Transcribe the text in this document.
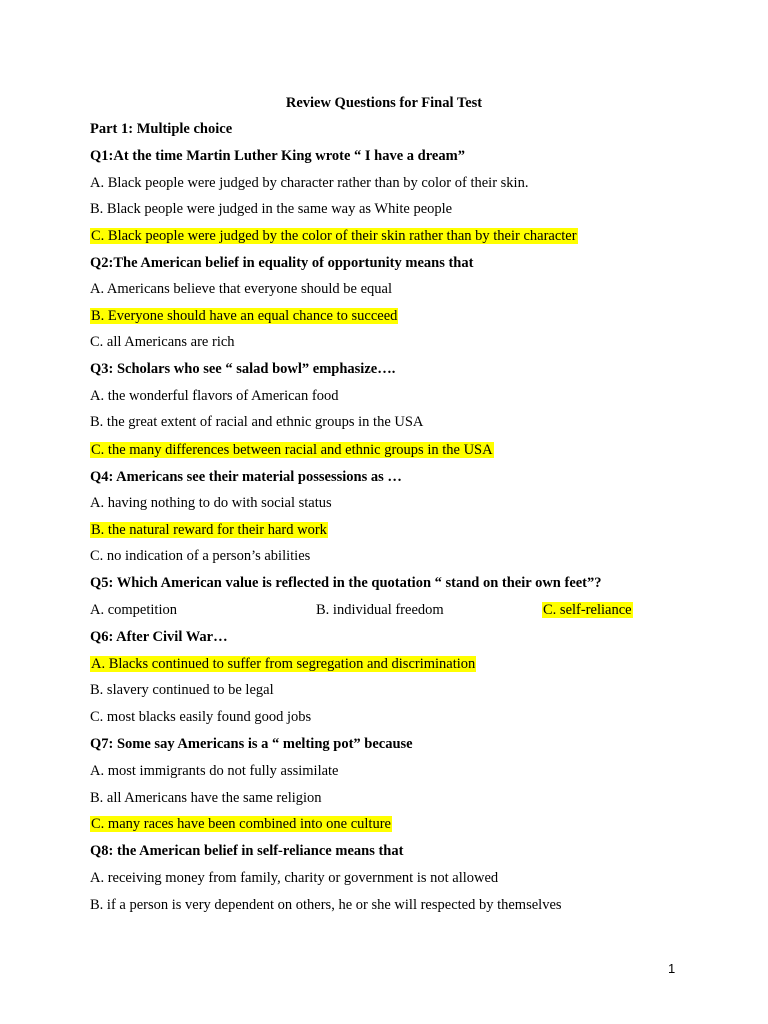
Review Questions for Final Test
Part 1: Multiple choice
Q1:At the time Martin Luther King wrote “ I have a dream”
A. Black people were judged by character rather than by color of their skin.
B. Black people were judged in the same way as White people
C. Black people were judged by the color of their skin rather than by their character
Q2:The American belief in equality of opportunity means that
A. Americans believe that everyone should be equal
B. Everyone should have an equal chance to succeed
C. all Americans are rich
Q3: Scholars who see “ salad bowl” emphasize….
A. the wonderful flavors of American food
B. the great extent of racial and ethnic groups in the USA
C. the many differences between racial and ethnic groups in the USA
Q4: Americans see their material possessions as …
A. having nothing to do with social status
B. the natural reward for their hard work
C. no indication of a person’s abilities
Q5: Which American value is reflected in the quotation “ stand on their own feet”?
A. competition	B. individual freedom	C. self-reliance
Q6: After Civil War…
A. Blacks continued to suffer from segregation and discrimination
B. slavery continued to be legal
C. most blacks easily found good jobs
Q7: Some say Americans is a “ melting pot” because
A. most immigrants do not fully assimilate
B. all Americans have the same religion
C. many races have been combined into one culture
Q8: the American belief in self-reliance means that
A. receiving money from family, charity or government is not allowed
B. if a person is very dependent on others, he or she will respected by themselves
1
